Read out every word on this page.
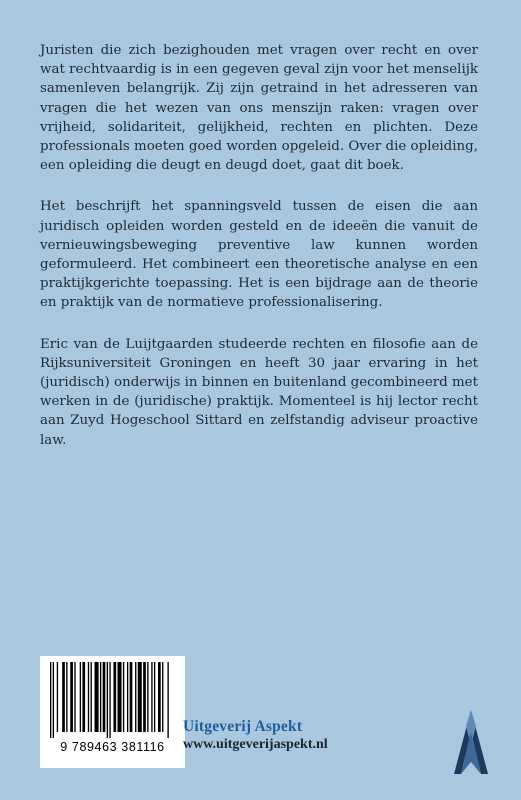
Juristen die zich bezighouden met vragen over recht en over wat rechtvaardig is in een gegeven geval zijn voor het menselijk samenleven belangrijk. Zij zijn getraind in het adresseren van vragen die het wezen van ons menszijn raken: vragen over vrijheid, solidariteit, gelijkheid, rechten en plichten. Deze professionals moeten goed worden opgeleid. Over die opleiding, een opleiding die deugt en deugd doet, gaat dit boek.

Het beschrijft het spanningsveld tussen de eisen die aan juridisch opleiden worden gesteld en de ideeën die vanuit de vernieuwingsbeweging preventive law kunnen worden geformuleerd. Het combineert een theoretische analyse en een praktijkgerichte toepassing. Het is een bijdrage aan de theorie en praktijk van de normatieve professionalisering.

Eric van de Luijtgaarden studeerde rechten en filosofie aan de Rijksuniversiteit Groningen en heeft 30 jaar ervaring in het (juridisch) onderwijs in binnen en buitenland gecombineerd met werken in de (juridische) praktijk. Momenteel is hij lector recht aan Zuyd Hogeschool Sittard en zelfstandig adviseur proactive law.

9 789463 381116
Uitgeverij Aspekt
www.uitgeverijaspekt.nl
